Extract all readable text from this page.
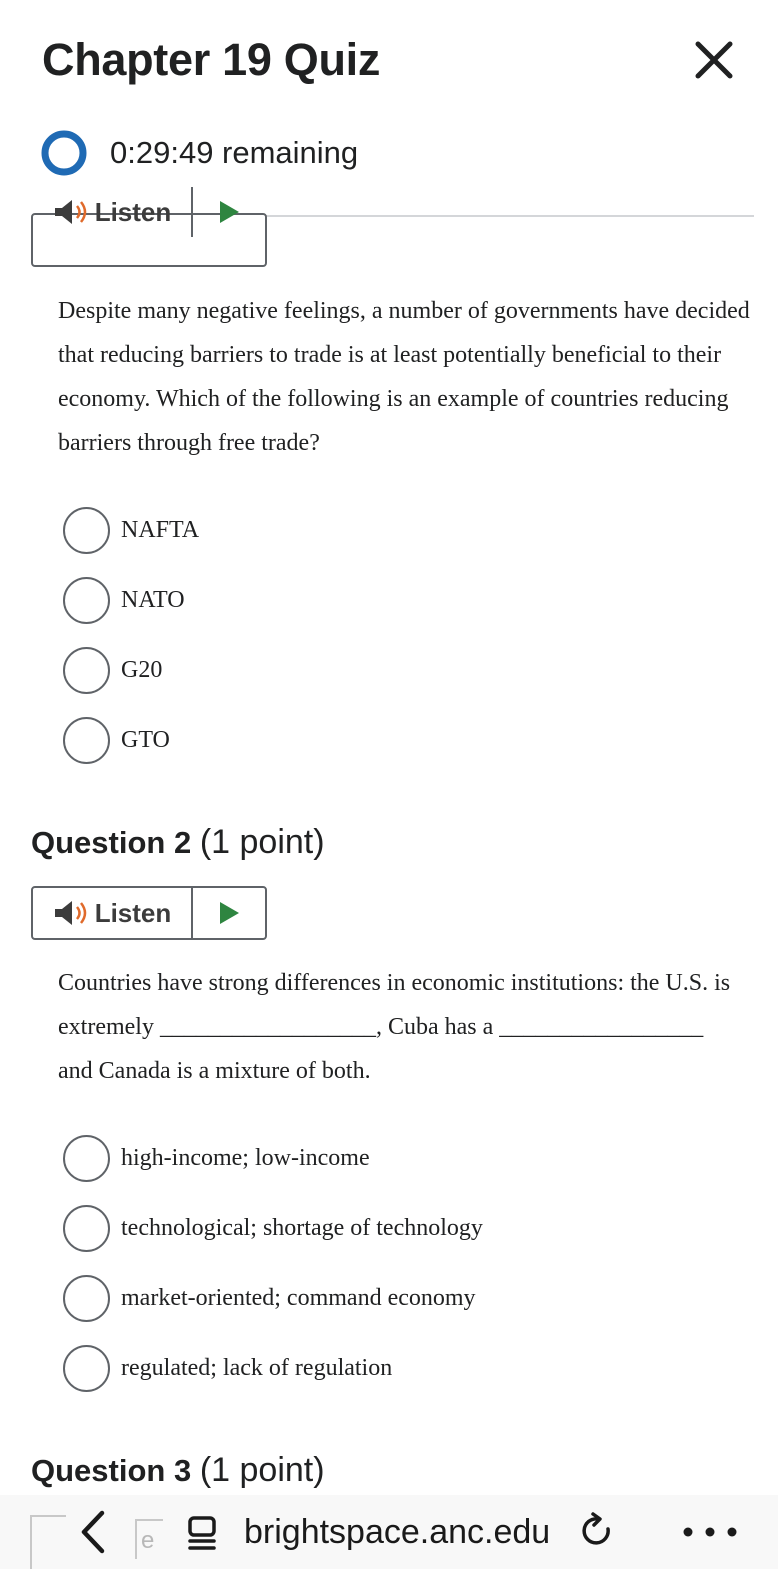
Chapter 19 Quiz
0:29:49 remaining
Listen
Despite many negative feelings, a number of governments have decided that reducing barriers to trade is at least potentially beneficial to their economy. Which of the following is an example of countries reducing barriers through free trade?
NAFTA
NATO
G20
GTO
Question 2 (1 point)
Listen
Countries have strong differences in economic institutions: the U.S. is extremely __________________, Cuba has a _________________ and Canada is a mixture of both.
high-income; low-income
technological; shortage of technology
market-oriented; command economy
regulated; lack of regulation
Question 3 (1 point)
e	brightspace.anc.edu
